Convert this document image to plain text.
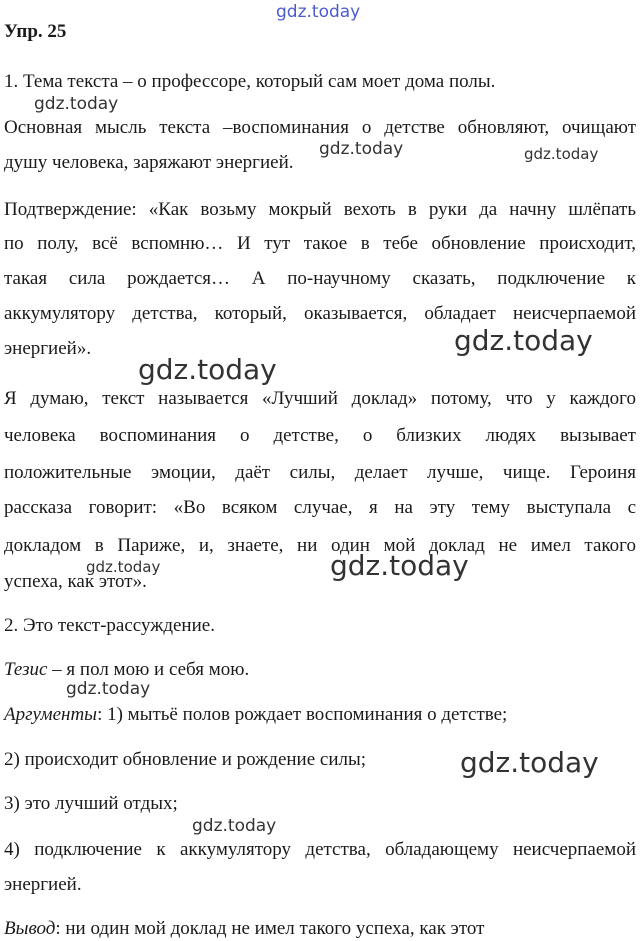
gdz.today
Упр. 25
1. Тема текста – о профессоре, который сам моет дома полы.
gdz.today
Основная мысль текста –воспоминания о детстве обновляют, очищают
душу человека, заряжают энергией.
gdz.today	gdz.today
Подтверждение: «Как возьму мокрый вехоть в руки да начну шлёпать
по полу, всё вспомню… И тут такое в тебе обновление происходит,
такая сила рождается… А по-научному сказать, подключение к
аккумулятору детства, который, оказывается, обладает неисчерпаемой
энергией».	gdz.today
gdz.today
Я думаю, текст называется «Лучший доклад» потому, что у каждого
человека воспоминания о детстве, о близких людях вызывает
положительные эмоции, даёт силы, делает лучше, чище. Героиня
рассказа говорит: «Во всяком случае, я на эту тему выступала с
докладом в Париже, и, знаете, ни один мой доклад не имел такого
успеха, как этот».
gdz.today	gdz.today
2. Это текст-рассуждение.
Тезис – я пол мою и себя мою.
gdz.today
Аргументы: 1) мытьё полов рождает воспоминания о детстве;
2) происходит обновление и рождение силы;	gdz.today
3) это лучший отдых;
gdz.today
4) подключение к аккумулятору детства, обладающему неисчерпаемой
энергией.
Вывод: ни один мой доклад не имел такого успеха, как этот
